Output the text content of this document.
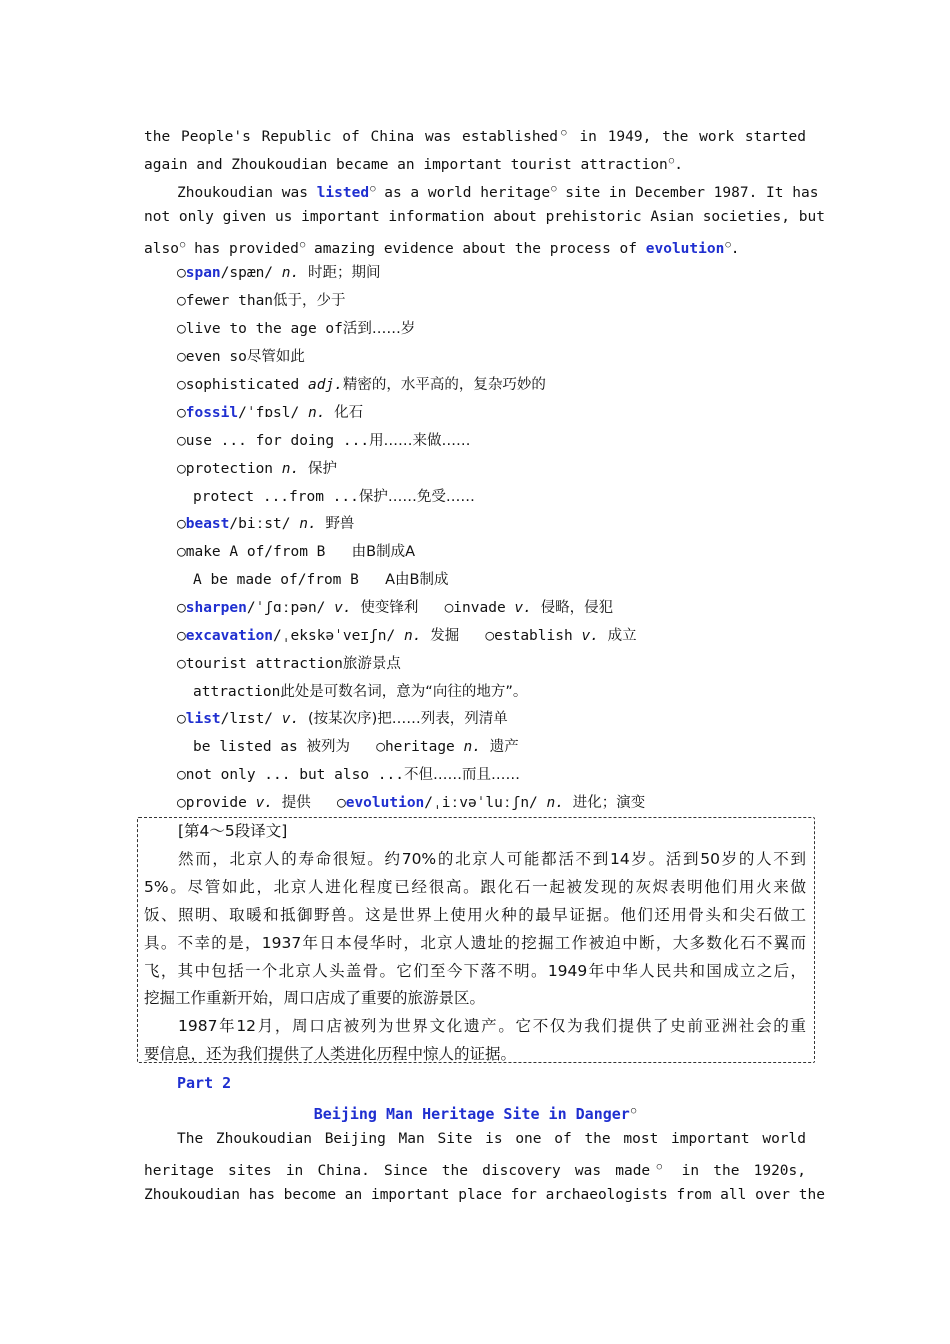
the People's Republic of China was established○ in 1949, the work started
again and Zhoukoudian became an important tourist attraction○.
Zhoukoudian was listed○ as a world heritage○ site in December 1987. It has
not only given us important information about prehistoric Asian societies, but
also○ has provided○ amazing evidence about the process of evolution○.
○span/spæn/ n. 时距；期间
○fewer than低于，少于
○live to the age of活到……岁
○even so尽管如此
○sophisticated adj.精密的，水平高的，复杂巧妙的
○fossil/ˈfɒsl/ n. 化石
○use ... for doing ...用……来做……
○protection n. 保护
protect ...from ...保护……免受……
○beast/biːst/ n. 野兽
○make A of/from B 由B制成A
A be made of/from B A由B制成
○sharpen/ˈʃɑːpən/ v. 使变锋利 ○invade v. 侵略，侵犯
○excavation/ˌekskəˈveɪʃn/ n. 发掘 ○establish v. 成立
○tourist attraction旅游景点
attraction此处是可数名词，意为“向往的地方”。
○list/lɪst/ v. (按某次序)把……列表，列清单
be listed as 被列为 ○heritage n. 遗产
○not only ... but also ...不但……而且……
○provide v. 提供 ○evolution/ˌiːvəˈluːʃn/ n. 进化；演变
[第4～5段译文]
然而，北京人的寿命很短。约70%的北京人可能都活不到14岁。活到50岁的人不到
5%。尽管如此，北京人进化程度已经很高。跟化石一起被发现的灰烬表明他们用火来做
饭、照明、取暖和抵御野兽。这是世界上使用火种的最早证据。他们还用骨头和尖石做工
具。不幸的是，1937年日本侵华时，北京人遗址的挖掘工作被迫中断，大多数化石不翼而
飞，其中包括一个北京人头盖骨。它们至今下落不明。1949年中华人民共和国成立之后，
挖掘工作重新开始，周口店成了重要的旅游景区。
1987年12月，周口店被列为世界文化遗产。它不仅为我们提供了史前亚洲社会的重
要信息，还为我们提供了人类进化历程中惊人的证据。
Part 2
Beijing Man Heritage Site in Danger○
The Zhoukoudian Beijing Man Site is one of the most important world
heritage sites in China. Since the discovery was made○ in the 1920s,
Zhoukoudian has become an important place for archaeologists from all over the
